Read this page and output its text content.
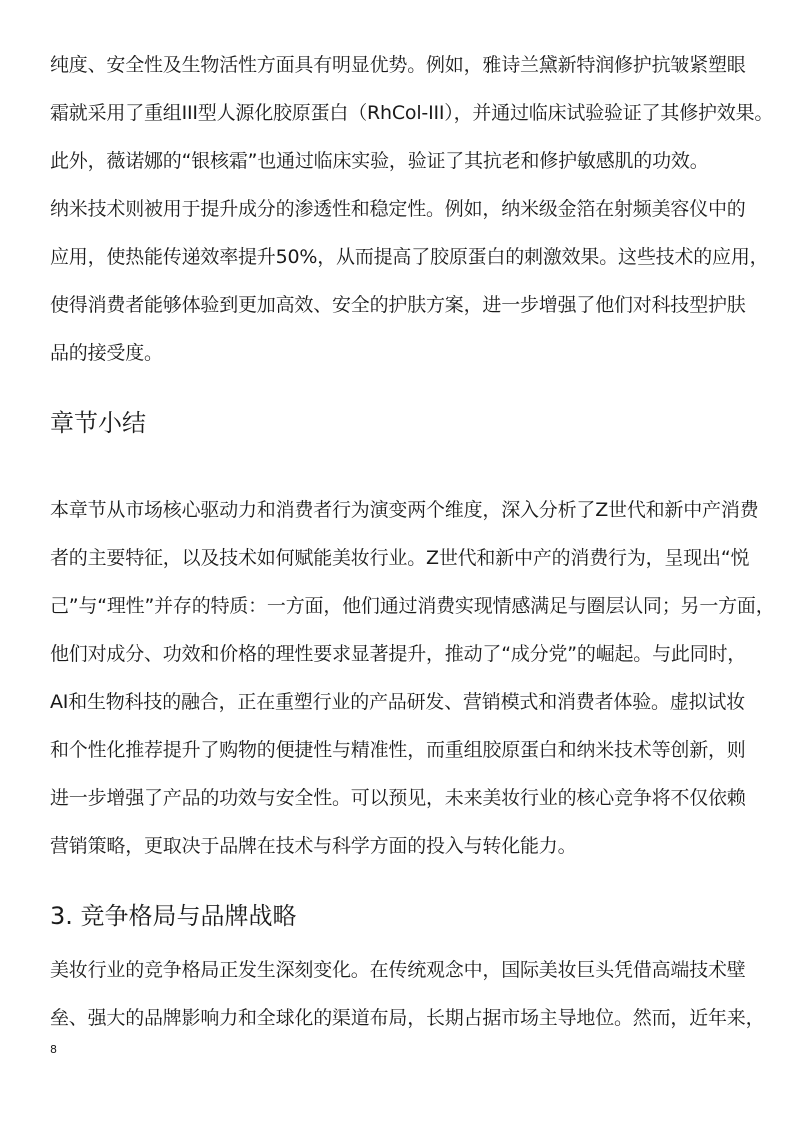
纯度、安全性及生物活性方面具有明显优势。例如，雅诗兰黛新特润修护抗皱紧塑眼
霜就采用了重组III型人源化胶原蛋白（RhCol-III），并通过临床试验验证了其修护效果。
此外，薇诺娜的“银核霜”也通过临床实验，验证了其抗老和修护敏感肌的功效。
纳米技术则被用于提升成分的渗透性和稳定性。例如，纳米级金箔在射频美容仪中的
应用，使热能传递效率提升50%，从而提高了胶原蛋白的刺激效果。这些技术的应用，
使得消费者能够体验到更加高效、安全的护肤方案，进一步增强了他们对科技型护肤
品的接受度。
章节小结
本章节从市场核心驱动力和消费者行为演变两个维度，深入分析了Z世代和新中产消费
者的主要特征，以及技术如何赋能美妆行业。Z世代和新中产的消费行为，呈现出“悦
己”与“理性”并存的特质：一方面，他们通过消费实现情感满足与圈层认同；另一方面，
他们对成分、功效和价格的理性要求显著提升，推动了“成分党”的崛起。与此同时，
AI和生物科技的融合，正在重塑行业的产品研发、营销模式和消费者体验。虚拟试妆
和个性化推荐提升了购物的便捷性与精准性，而重组胶原蛋白和纳米技术等创新，则
进一步增强了产品的功效与安全性。可以预见，未来美妆行业的核心竞争将不仅依赖
营销策略，更取决于品牌在技术与科学方面的投入与转化能力。
3. 竞争格局与品牌战略
美妆行业的竞争格局正发生深刻变化。在传统观念中，国际美妆巨头凭借高端技术壁
垒、强大的品牌影响力和全球化的渠道布局，长期占据市场主导地位。然而，近年来，
8
